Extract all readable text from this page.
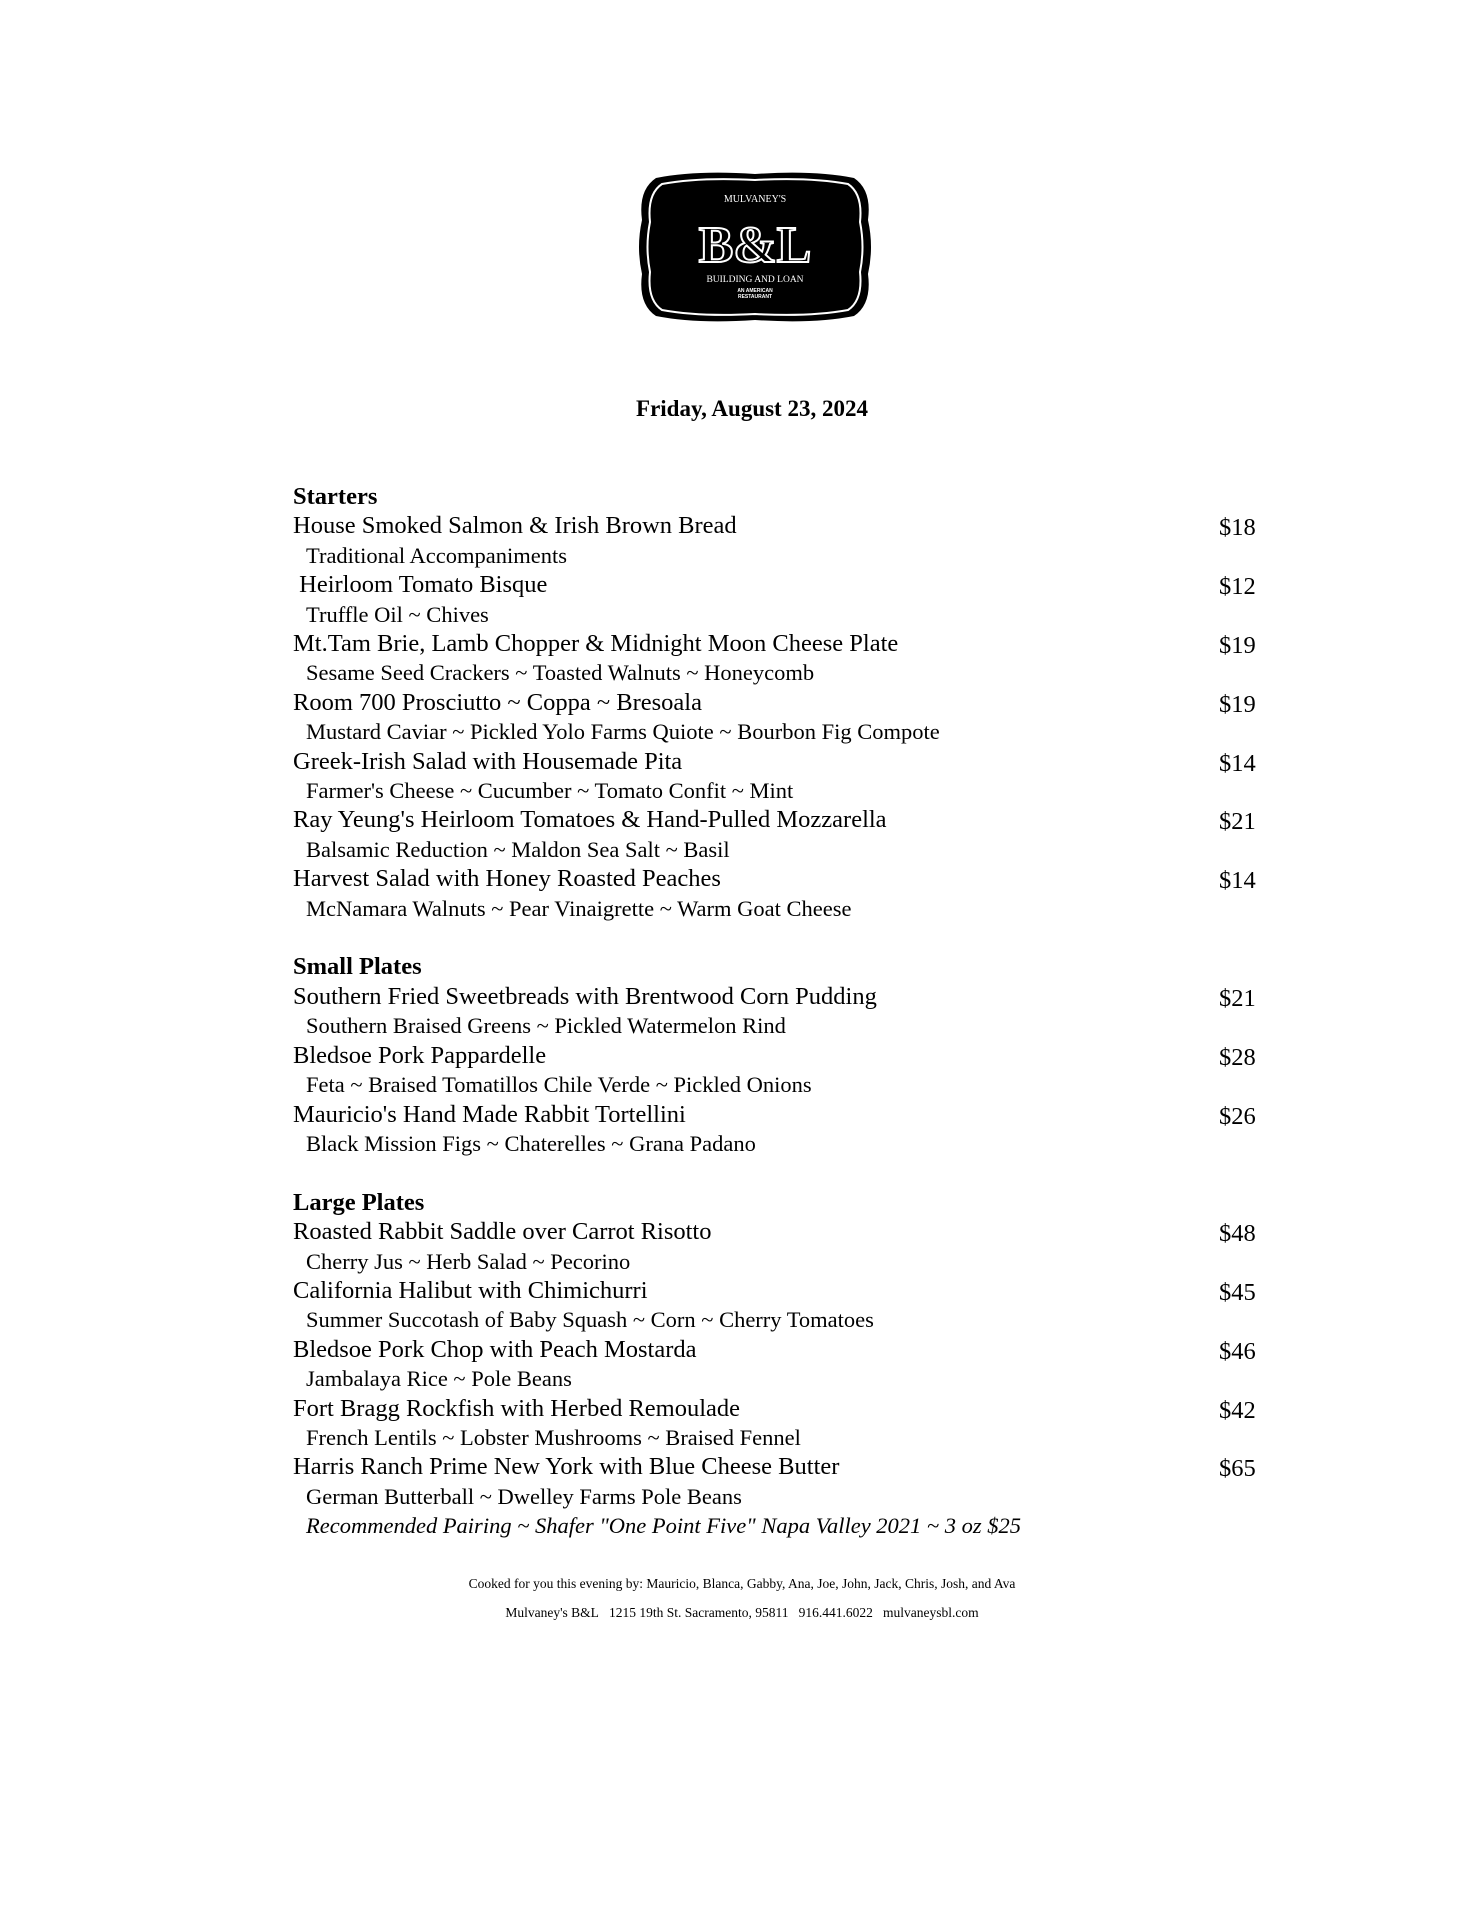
MULVANEY'S
B&L
BUILDING AND LOAN
AN AMERICAN
RESTAURANT
Friday, August 23, 2024
Starters
House Smoked Salmon & Irish Brown Bread	$18
Traditional Accompaniments
Heirloom Tomato Bisque	$12
Truffle Oil ~ Chives
Mt.Tam Brie, Lamb Chopper & Midnight Moon Cheese Plate	$19
Sesame Seed Crackers ~ Toasted Walnuts ~ Honeycomb
Room 700 Prosciutto ~ Coppa ~ Bresoala	$19
Mustard Caviar ~ Pickled Yolo Farms Quiote ~ Bourbon Fig Compote
Greek-Irish Salad with Housemade Pita	$14
Farmer's Cheese ~ Cucumber ~ Tomato Confit ~ Mint
Ray Yeung's Heirloom Tomatoes & Hand-Pulled Mozzarella	$21
Balsamic Reduction ~ Maldon Sea Salt ~ Basil
Harvest Salad with Honey Roasted Peaches	$14
McNamara Walnuts ~ Pear Vinaigrette ~ Warm Goat Cheese
Small Plates
Southern Fried Sweetbreads with Brentwood Corn Pudding	$21
Southern Braised Greens ~ Pickled Watermelon Rind
Bledsoe Pork Pappardelle	$28
Feta ~ Braised Tomatillos Chile Verde ~ Pickled Onions
Mauricio's Hand Made Rabbit Tortellini	$26
Black Mission Figs ~ Chaterelles ~ Grana Padano
Large Plates
Roasted Rabbit Saddle over Carrot Risotto	$48
Cherry Jus ~ Herb Salad ~ Pecorino
California Halibut with Chimichurri	$45
Summer Succotash of Baby Squash ~ Corn ~ Cherry Tomatoes
Bledsoe Pork Chop with Peach Mostarda	$46
Jambalaya Rice ~ Pole Beans
Fort Bragg Rockfish with Herbed Remoulade	$42
French Lentils ~ Lobster Mushrooms ~ Braised Fennel
Harris Ranch Prime New York with Blue Cheese Butter	$65
German Butterball ~ Dwelley Farms Pole Beans
Recommended Pairing ~ Shafer "One Point Five" Napa Valley 2021 ~ 3 oz $25
Cooked for you this evening by: Mauricio, Blanca, Gabby, Ana, Joe, John, Jack, Chris, Josh, and Ava
Mulvaney's B&L   1215 19th St. Sacramento, 95811   916.441.6022   mulvaneysbl.com
